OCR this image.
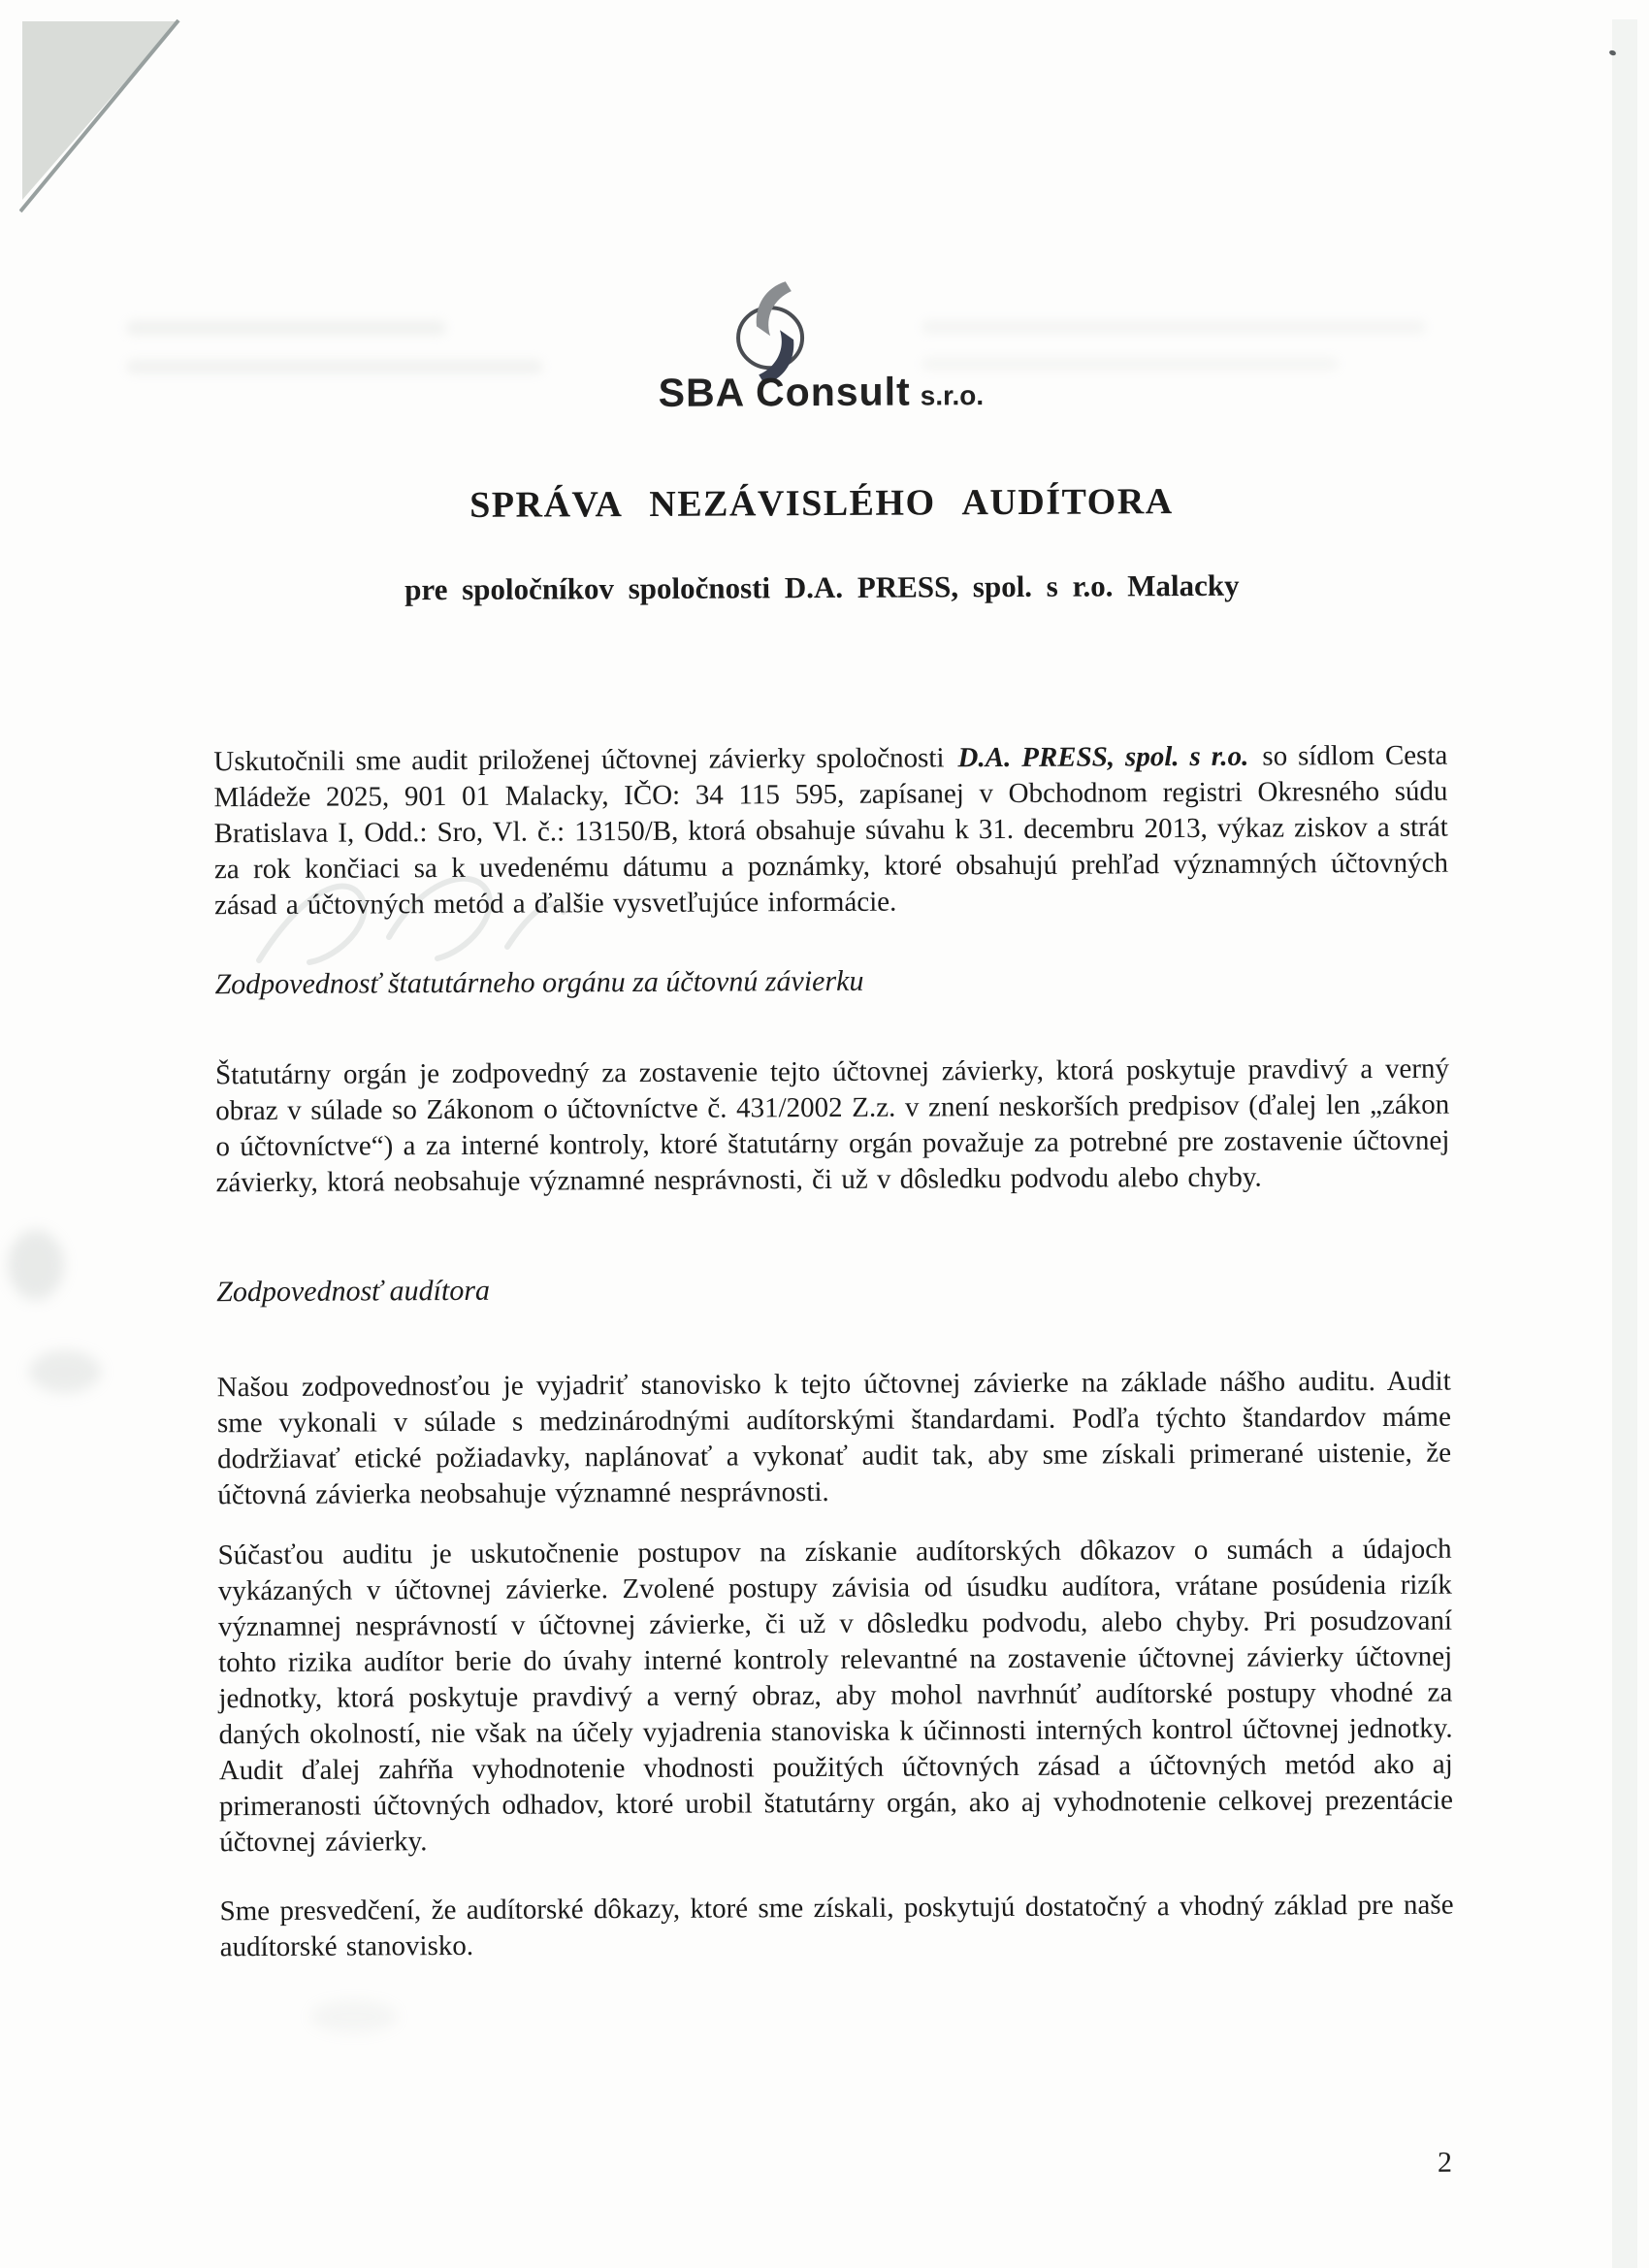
SBA Consult s.r.o.
SPRÁVA NEZÁVISLÉHO AUDÍTORA
pre spoločníkov spoločnosti D.A. PRESS, spol. s r.o. Malacky

Uskutočnili sme audit priloženej účtovnej závierky spoločnosti D.A. PRESS, spol. s r.o. so sídlom Cesta Mládeže 2025, 901 01 Malacky, IČO: 34 115 595, zapísanej v Obchodnom registri Okresného súdu Bratislava I, Odd.: Sro, Vl. č.: 13150/B, ktorá obsahuje súvahu k 31. decembru 2013, výkaz ziskov a strát za rok končiaci sa k uvedenému dátumu a poznámky, ktoré obsahujú prehľad významných účtovných zásad a účtovných metód a ďalšie vysvetľujúce informácie.

Zodpovednosť štatutárneho orgánu za účtovnú závierku

Štatutárny orgán je zodpovedný za zostavenie tejto účtovnej závierky, ktorá poskytuje pravdivý a verný obraz v súlade so Zákonom o účtovníctve č. 431/2002 Z.z. v znení neskorších predpisov (ďalej len „zákon o účtovníctve“) a za interné kontroly, ktoré štatutárny orgán považuje za potrebné pre zostavenie účtovnej závierky, ktorá neobsahuje významné nesprávnosti, či už v dôsledku podvodu alebo chyby.

Zodpovednosť audítora

Našou zodpovednosťou je vyjadriť stanovisko k tejto účtovnej závierke na základe nášho auditu. Audit sme vykonali v súlade s medzinárodnými audítorskými štandardami. Podľa týchto štandardov máme dodržiavať etické požiadavky, naplánovať a vykonať audit tak, aby sme získali primerané uistenie, že účtovná závierka neobsahuje významné nesprávnosti.

Súčasťou auditu je uskutočnenie postupov na získanie audítorských dôkazov o sumách a údajoch vykázaných v účtovnej závierke. Zvolené postupy závisia od úsudku audítora, vrátane posúdenia rizík významnej nesprávností v účtovnej závierke, či už v dôsledku podvodu, alebo chyby. Pri posudzovaní tohto rizika audítor berie do úvahy interné kontroly relevantné na zostavenie účtovnej závierky účtovnej jednotky, ktorá poskytuje pravdivý a verný obraz, aby mohol navrhnúť audítorské postupy vhodné za daných okolností, nie však na účely vyjadrenia stanoviska k účinnosti interných kontrol účtovnej jednotky. Audit ďalej zahŕňa vyhodnotenie vhodnosti použitých účtovných zásad a účtovných metód ako aj primeranosti účtovných odhadov, ktoré urobil štatutárny orgán, ako aj vyhodnotenie celkovej prezentácie účtovnej závierky.

Sme presvedčení, že audítorské dôkazy, ktoré sme získali, poskytujú dostatočný a vhodný základ pre naše audítorské stanovisko.

2
